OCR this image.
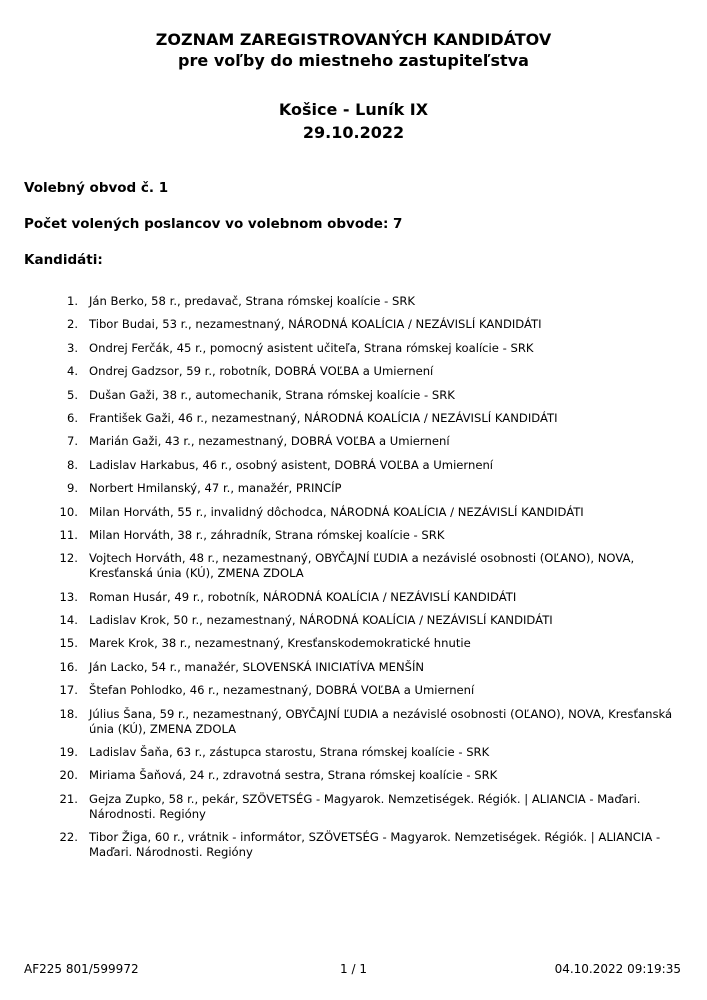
ZOZNAM ZAREGISTROVANÝCH KANDIDÁTOV
pre voľby do miestneho zastupiteľstva
Košice - Luník IX
29.10.2022
Volebný obvod č. 1
Počet volených poslancov vo volebnom obvode: 7
Kandidáti:
1. Ján Berko, 58 r., predavač, Strana rómskej koalície - SRK
2. Tibor Budai, 53 r., nezamestnaný, NÁRODNÁ KOALÍCIA / NEZÁVISLÍ KANDIDÁTI
3. Ondrej Ferčák, 45 r., pomocný asistent učiteľa, Strana rómskej koalície - SRK
4. Ondrej Gadzsor, 59 r., robotník, DOBRÁ VOĽBA a Umiernení
5. Dušan Gaži, 38 r., automechanik, Strana rómskej koalície - SRK
6. František Gaži, 46 r., nezamestnaný, NÁRODNÁ KOALÍCIA / NEZÁVISLÍ KANDIDÁTI
7. Marián Gaži, 43 r., nezamestnaný, DOBRÁ VOĽBA a Umiernení
8. Ladislav Harkabus, 46 r., osobný asistent, DOBRÁ VOĽBA a Umiernení
9. Norbert Hmilanský, 47 r., manažér, PRINCÍP
10. Milan Horváth, 55 r., invalidný dôchodca, NÁRODNÁ KOALÍCIA / NEZÁVISLÍ KANDIDÁTI
11. Milan Horváth, 38 r., záhradník, Strana rómskej koalície - SRK
12. Vojtech Horváth, 48 r., nezamestnaný, OBYČAJNÍ ĽUDIA a nezávislé osobnosti (OĽANO), NOVA, Kresťanská únia (KÚ), ZMENA ZDOLA
13. Roman Husár, 49 r., robotník, NÁRODNÁ KOALÍCIA / NEZÁVISLÍ KANDIDÁTI
14. Ladislav Krok, 50 r., nezamestnaný, NÁRODNÁ KOALÍCIA / NEZÁVISLÍ KANDIDÁTI
15. Marek Krok, 38 r., nezamestnaný, Kresťanskodemokratické hnutie
16. Ján Lacko, 54 r., manažér, SLOVENSKÁ INICIATÍVA MENŠÍN
17. Štefan Pohlodko, 46 r., nezamestnaný, DOBRÁ VOĽBA a Umiernení
18. Július Šana, 59 r., nezamestnaný, OBYČAJNÍ ĽUDIA a nezávislé osobnosti (OĽANO), NOVA, Kresťanská únia (KÚ), ZMENA ZDOLA
19. Ladislav Šaňa, 63 r., zástupca starostu, Strana rómskej koalície - SRK
20. Miriama Šaňová, 24 r., zdravotná sestra, Strana rómskej koalície - SRK
21. Gejza Zupko, 58 r., pekár, SZÖVETSÉG - Magyarok. Nemzetiségek. Régiók. | ALIANCIA - Maďari. Národnosti. Regióny
22. Tibor Žiga, 60 r., vrátnik - informátor, SZÖVETSÉG - Magyarok. Nemzetiségek. Régiók. | ALIANCIA - Maďari. Národnosti. Regióny
AF225 801/599972	1 / 1	04.10.2022 09:19:35
